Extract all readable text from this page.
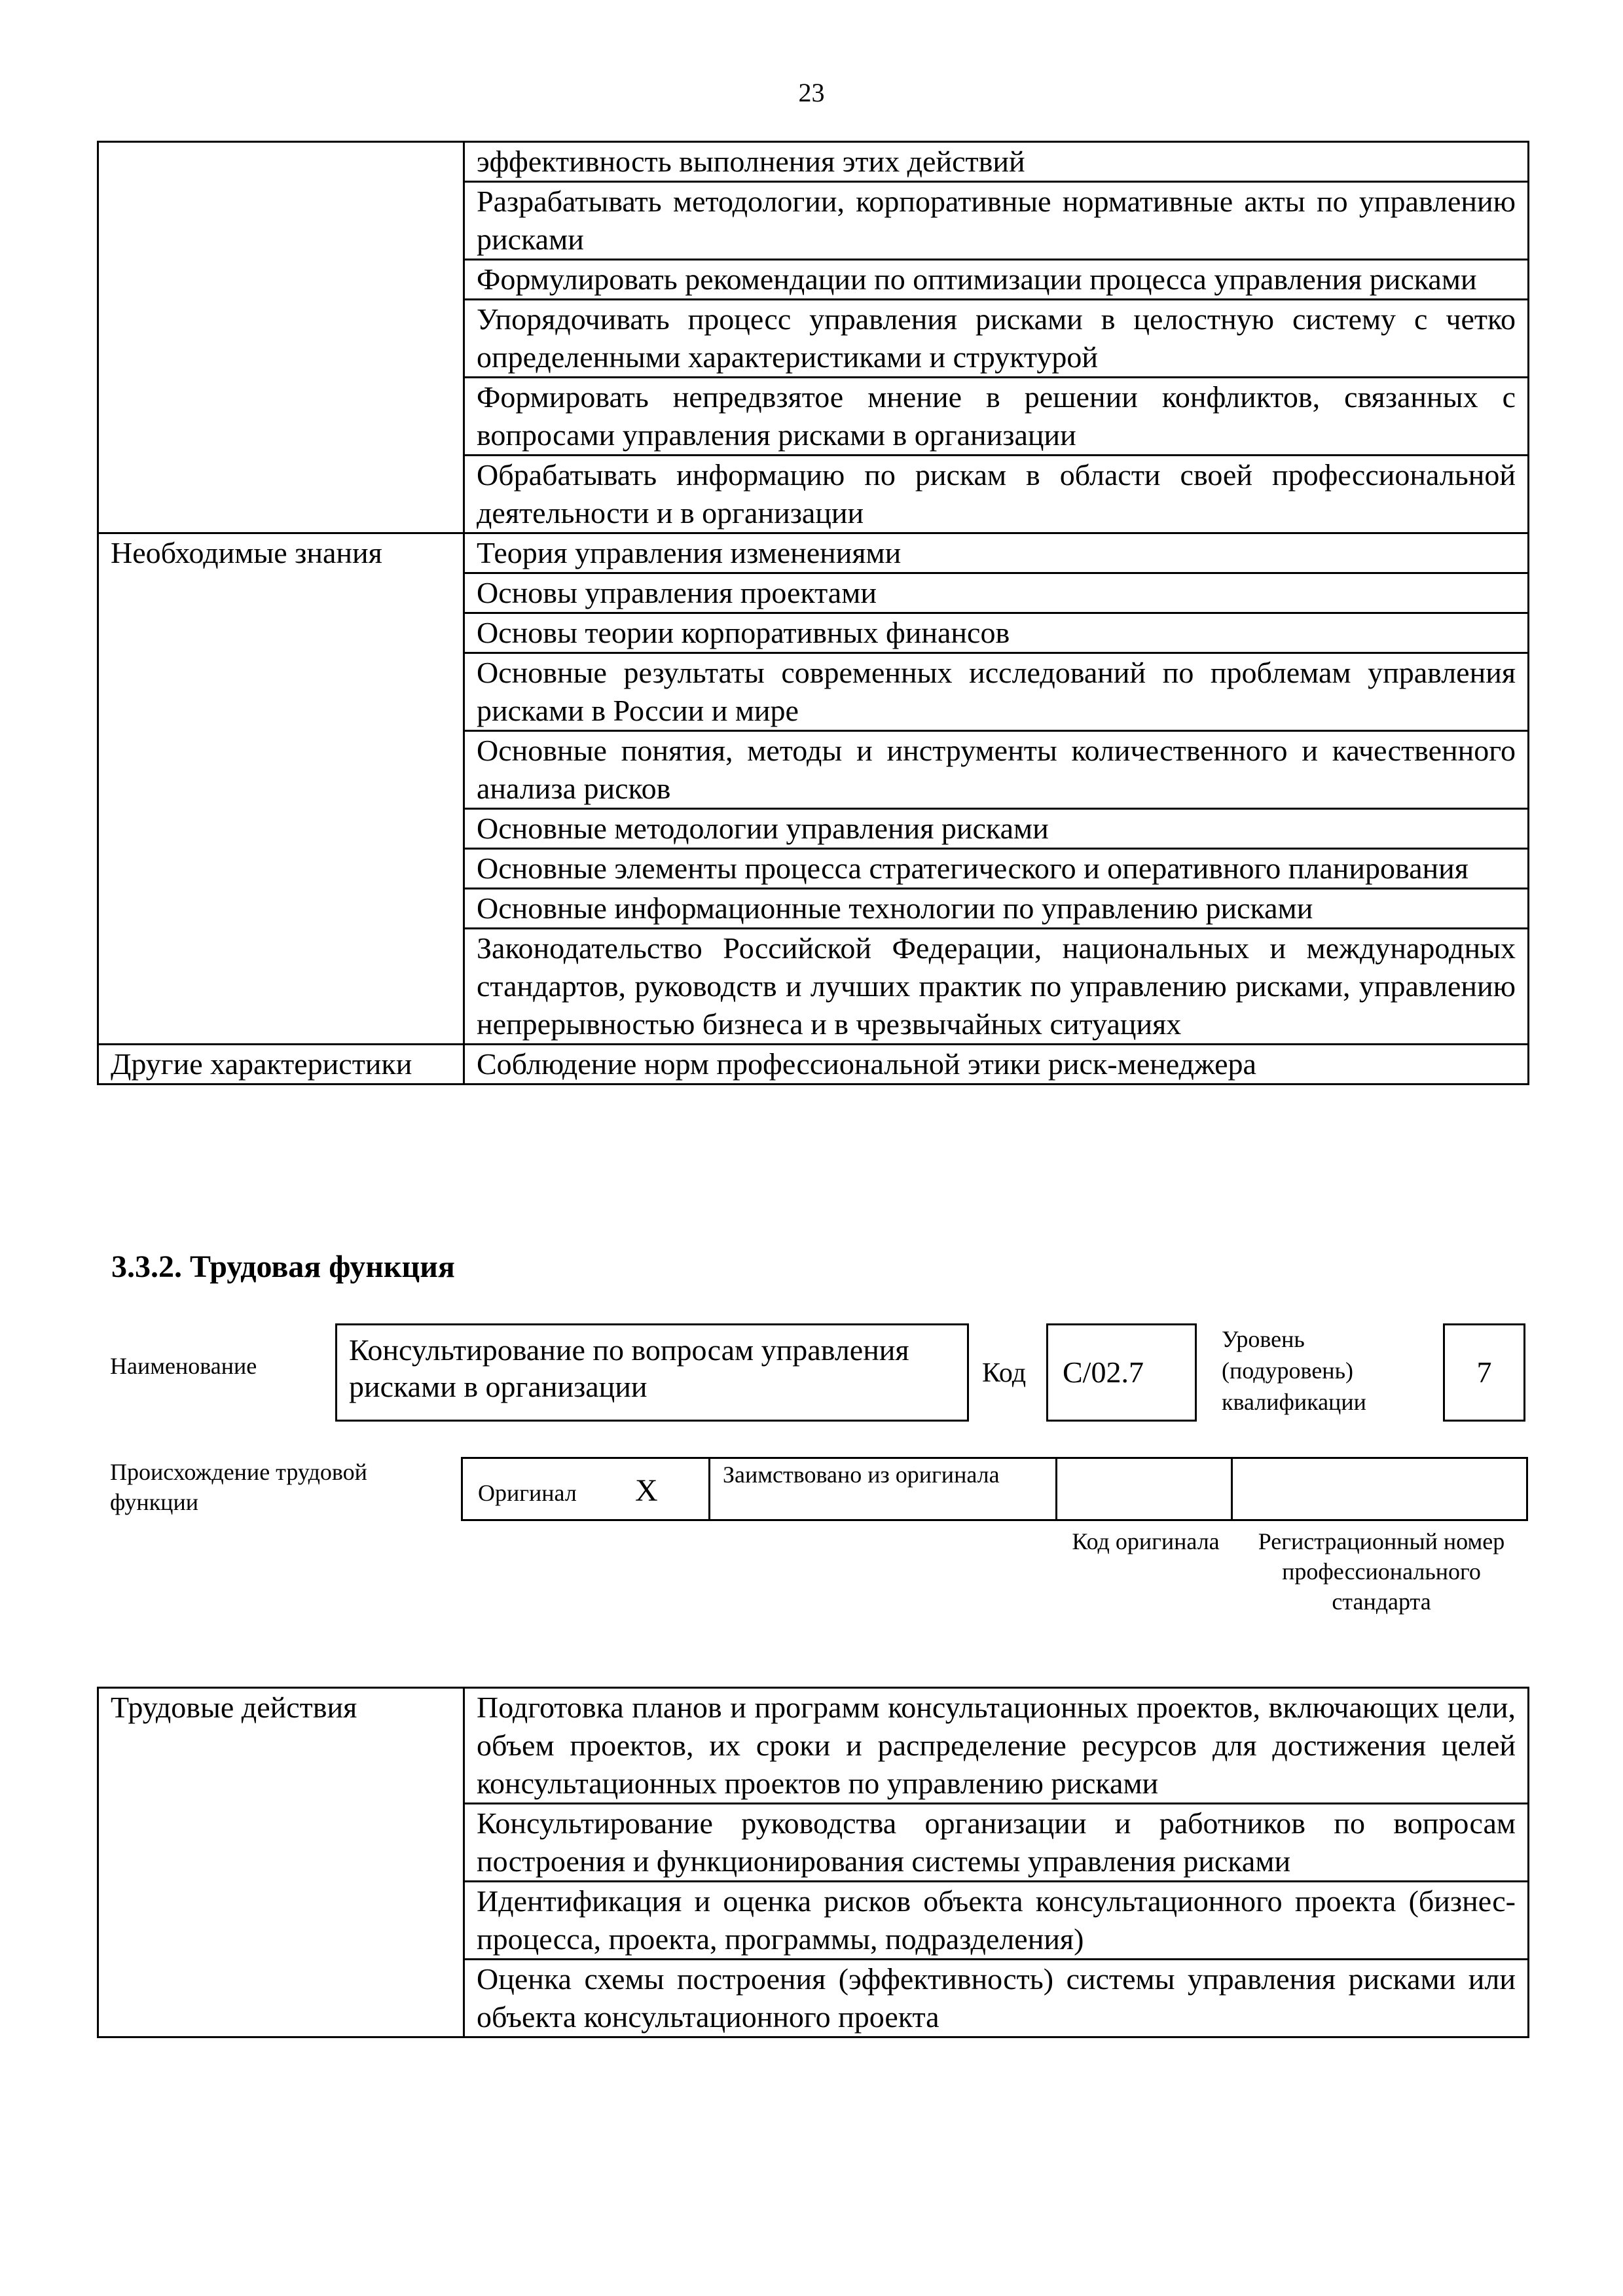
23
	эффективность выполнения этих действий
	Разрабатывать методологии, корпоративные нормативные акты по управлению рисками
	Формулировать рекомендации по оптимизации процесса управления рисками
	Упорядочивать процесс управления рисками в целостную систему с четко определенными характеристиками и структурой
	Формировать непредвзятое мнение в решении конфликтов, связанных с вопросами управления рисками в организации
	Обрабатывать информацию по рискам в области своей профессиональной деятельности и в организации
Необходимые знания	Теория управления изменениями
	Основы управления проектами
	Основы теории корпоративных финансов
	Основные результаты современных исследований по проблемам управления рисками в России и мире
	Основные понятия, методы и инструменты количественного и качественного анализа рисков
	Основные методологии управления рисками
	Основные элементы процесса стратегического и оперативного планирования
	Основные информационные технологии по управлению рисками
	Законодательство Российской Федерации, национальных и международных стандартов, руководств и лучших практик по управлению рисками, управлению непрерывностью бизнеса и в чрезвычайных ситуациях
Другие характеристики	Соблюдение норм профессиональной этики риск-менеджера
3.3.2. Трудовая функция
Наименование	Консультирование по вопросам управления рисками в организации	Код	C/02.7
Уровень (подуровень) квалификации
7
Происхождение трудовой функции	Оригинал X	Заимствовано из оригинала
Код оригинала	Регистрационный номер профессионального стандарта
Трудовые действия	Подготовка планов и программ консультационных проектов, включающих цели, объем проектов, их сроки и распределение ресурсов для достижения целей консультационных проектов по управлению рисками
Консультирование руководства организации и работников по вопросам построения и функционирования системы управления рисками
Идентификация и оценка рисков объекта консультационного проекта (бизнес-процесса, проекта, программы, подразделения)
Оценка схемы построения (эффективность) системы управления рисками или объекта консультационного проекта
